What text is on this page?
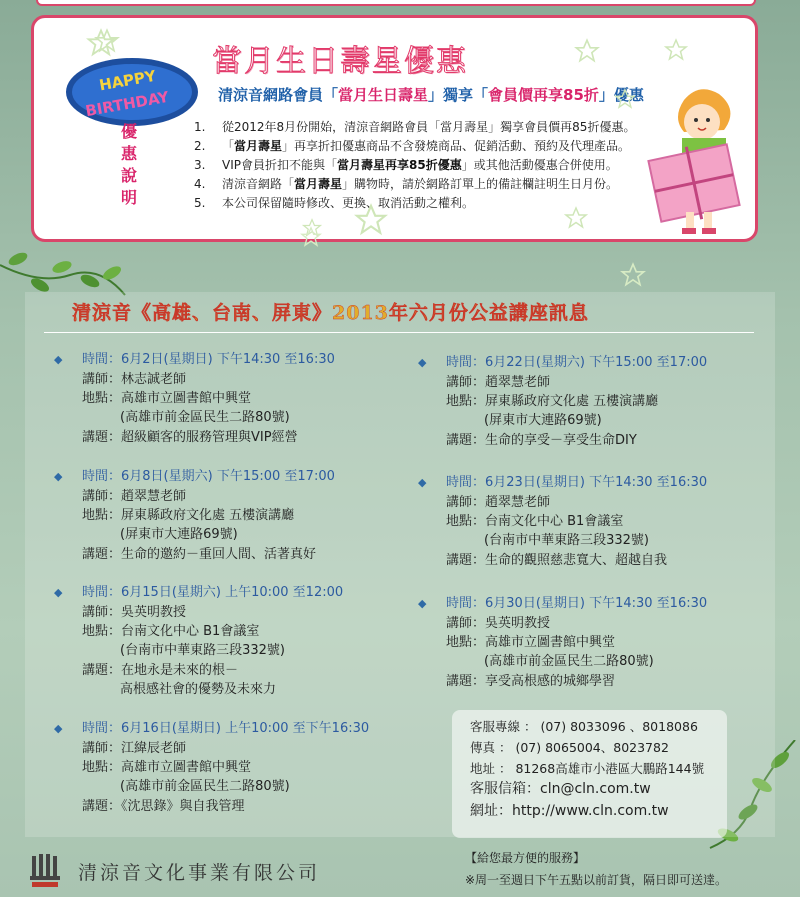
HAPPY
BIRTHDAY
當月生日壽星優惠
清涼音網路會員「當月生日壽星」獨享「會員價再享85折」優惠
優
惠
說
明
1. 從2012年8月份開始，清涼音網路會員「當月壽星」獨享會員價再85折優惠。
2. 「當月壽星」再享折扣優惠商品不含發燒商品、促銷活動、預約及代理產品。
3. VIP會員折扣不能與「當月壽星再享85折優惠」或其他活動優惠合併使用。
4. 清涼音網路「當月壽星」購物時，請於網路訂單上的備註欄註明生日月份。
5. 本公司保留隨時修改、更換、取消活動之權利。
清涼音《高雄、台南、屏東》2013年六月份公益講座訊息
◆ 時間：6月2日(星期日) 下午14:30 至16:30
講師：林志誠老師
地點：高雄市立圖書館中興堂
(高雄市前金區民生二路80號)
講題：超級顧客的服務管理與VIP經營
◆ 時間：6月8日(星期六) 下午15:00 至17:00
講師：趙翠慧老師
地點：屏東縣政府文化處 五樓演講廳
(屏東市大連路69號)
講題：生命的邀約－重回人間、活著真好
◆ 時間：6月15日(星期六) 上午10:00 至12:00
講師：吳英明教授
地點：台南文化中心 B1會議室
(台南市中華東路三段332號)
講題：在地永是未來的根－
高根感社會的優勢及未來力
◆ 時間：6月16日(星期日) 上午10:00 至下午16:30
講師：江緯辰老師
地點：高雄市立圖書館中興堂
(高雄市前金區民生二路80號)
講題：《沈思錄》與自我管理
◆ 時間：6月22日(星期六) 下午15:00 至17:00
講師：趙翠慧老師
地點：屏東縣政府文化處 五樓演講廳
(屏東市大連路69號)
講題：生命的享受－享受生命DIY
◆ 時間：6月23日(星期日) 下午14:30 至16:30
講師：趙翠慧老師
地點：台南文化中心 B1會議室
(台南市中華東路三段332號)
講題：生命的觀照慈悲寬大、超越自我
◆ 時間：6月30日(星期日) 下午14:30 至16:30
講師：吳英明教授
地點：高雄市立圖書館中興堂
(高雄市前金區民生二路80號)
講題：享受高根感的城鄉學習
客服專線 ： (07) 8033096 、8018086
傳真 ： (07) 8065004、8023782
地址 ： 81268高雄市小港區大鵬路144號
客服信箱：cln@cln.com.tw
網址：http://www.cln.com.tw
清涼音文化事業有限公司
【給您最方便的服務】
※周一至週日下午五點以前訂貨，隔日即可送達。
